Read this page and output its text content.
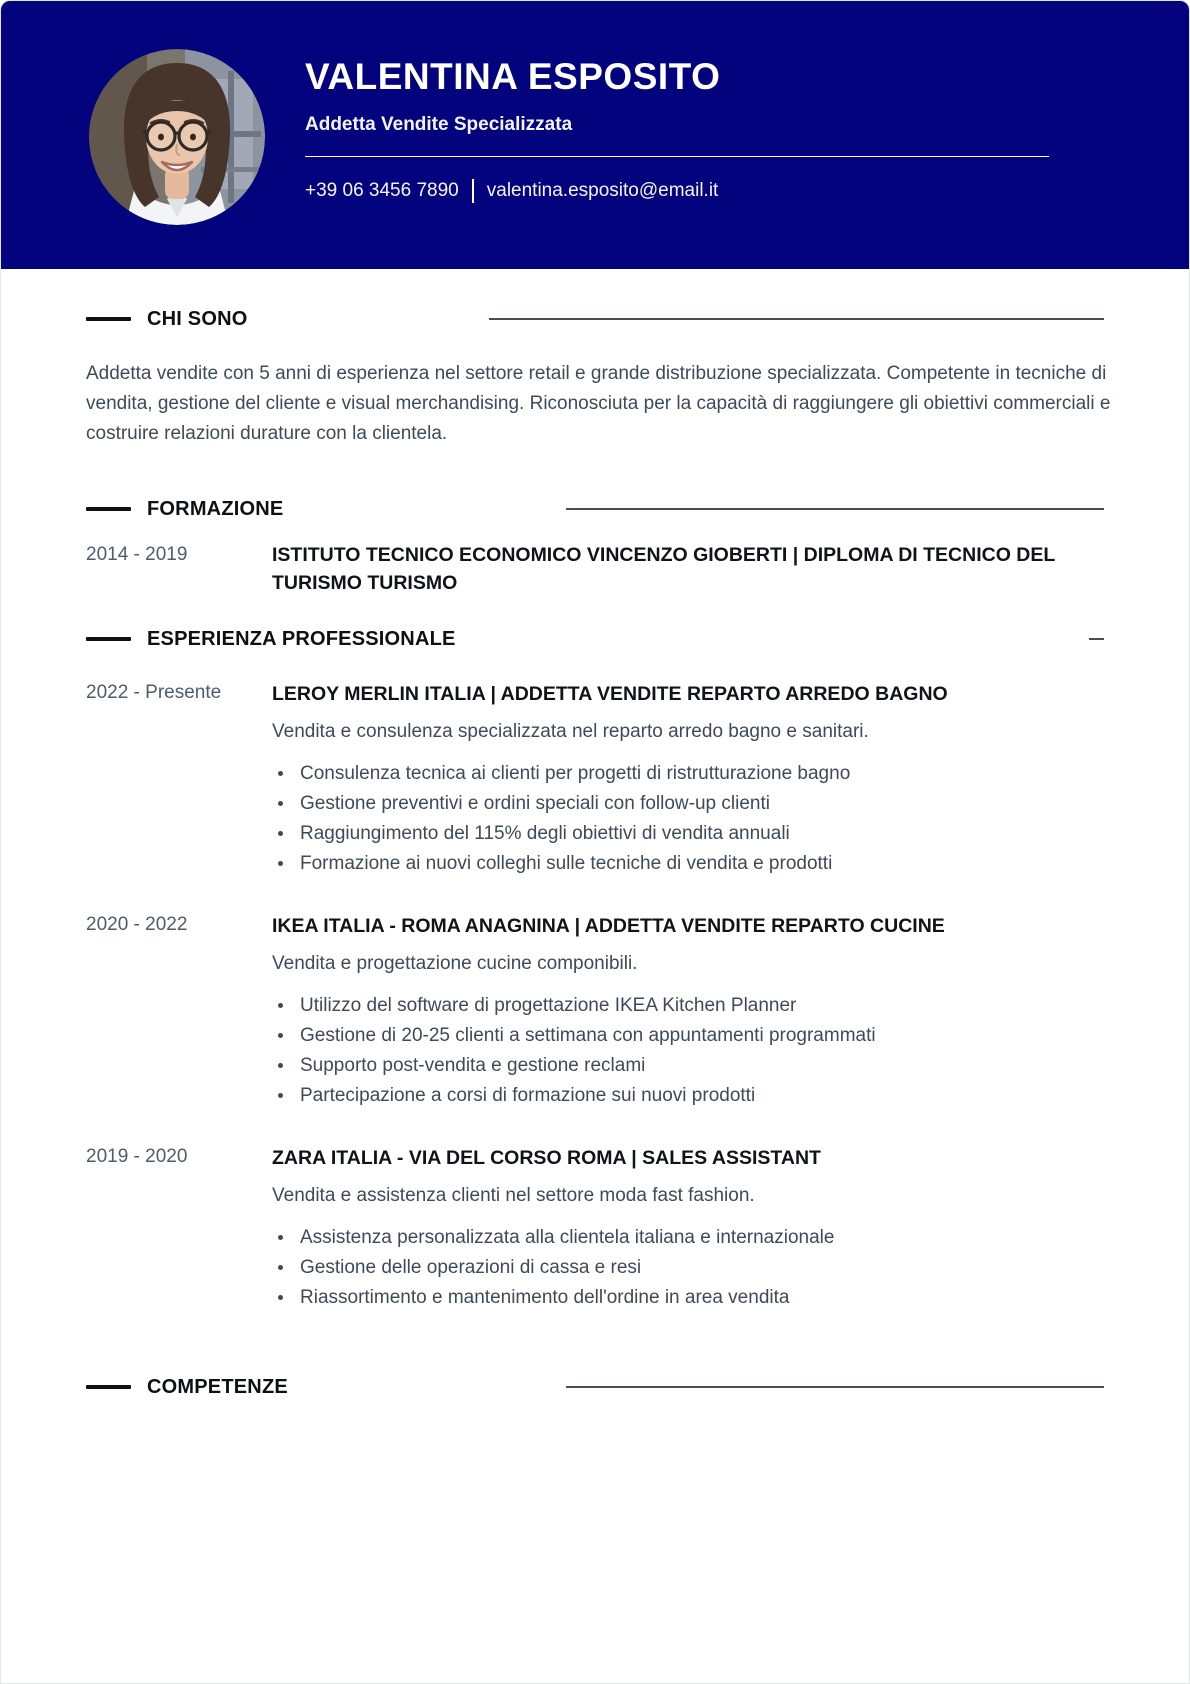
VALENTINA ESPOSITO
Addetta Vendite Specializzata
+39 06 3456 7890 valentina.esposito@email.it
CHI SONO

Addetta vendite con 5 anni di esperienza nel settore retail e grande distribuzione specializzata. Competente in tecniche di vendita, gestione del cliente e visual merchandising. Riconosciuta per la capacità di raggiungere gli obiettivi commerciali e costruire relazioni durature con la clientela.

FORMAZIONE
2014 - 2019	ISTITUTO TECNICO ECONOMICO VINCENZO GIOBERTI | DIPLOMA DI TECNICO DEL TURISMO TURISMO
ESPERIENZA PROFESSIONALE
2022 - Presente	LEROY MERLIN ITALIA | ADDETTA VENDITE REPARTO ARREDO BAGNO
Vendita e consulenza specializzata nel reparto arredo bagno e sanitari.
Consulenza tecnica ai clienti per progetti di ristrutturazione bagno
Gestione preventivi e ordini speciali con follow-up clienti
Raggiungimento del 115% degli obiettivi di vendita annuali
Formazione ai nuovi colleghi sulle tecniche di vendita e prodotti
2020 - 2022	IKEA ITALIA - ROMA ANAGNINA | ADDETTA VENDITE REPARTO CUCINE
Vendita e progettazione cucine componibili.
Utilizzo del software di progettazione IKEA Kitchen Planner
Gestione di 20-25 clienti a settimana con appuntamenti programmati
Supporto post-vendita e gestione reclami
Partecipazione a corsi di formazione sui nuovi prodotti
2019 - 2020	ZARA ITALIA - VIA DEL CORSO ROMA | SALES ASSISTANT
Vendita e assistenza clienti nel settore moda fast fashion.
Assistenza personalizzata alla clientela italiana e internazionale
Gestione delle operazioni di cassa e resi
Riassortimento e mantenimento dell'ordine in area vendita
COMPETENZE
